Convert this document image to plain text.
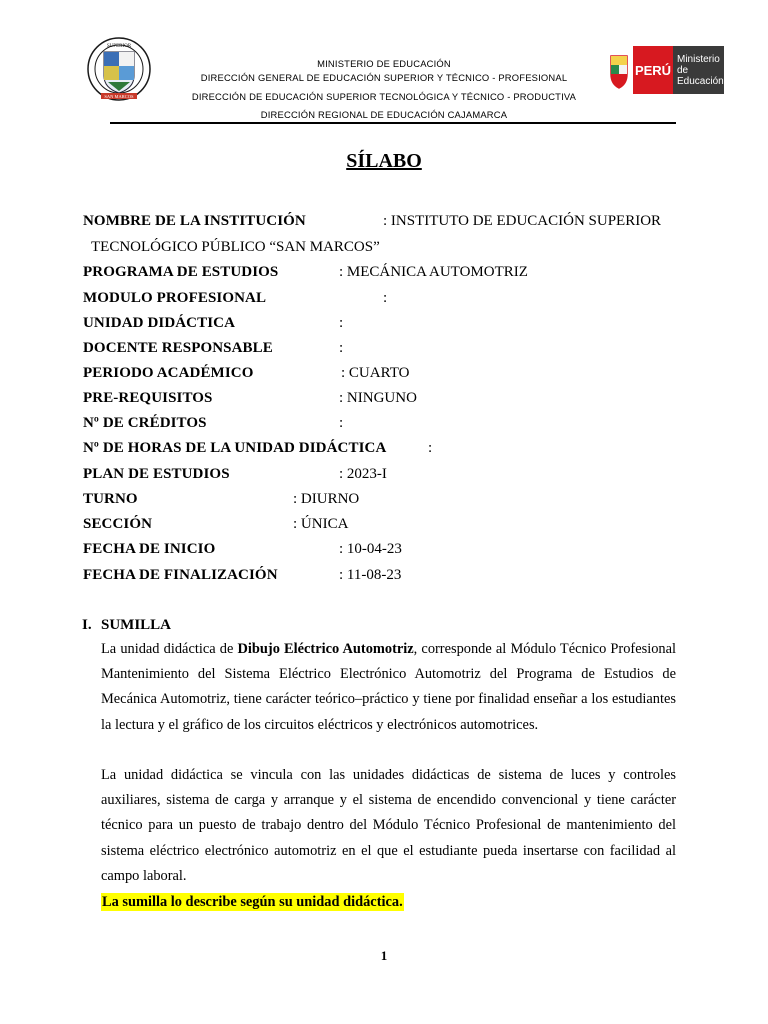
SUPERIOR
SAN MARCOS
MINISTERIO DE EDUCACIÓN
DIRECCIÓN GENERAL DE EDUCACIÓN SUPERIOR Y TÉCNICO - PROFESIONAL
DIRECCIÓN DE EDUCACIÓN SUPERIOR TECNOLÓGICA Y TÉCNICO - PRODUCTIVA
DIRECCIÓN REGIONAL DE EDUCACIÓN CAJAMARCA
PERÚ
Ministerio de Educación
SÍLABO
NOMBRE DE LA INSTITUCIÓN	: INSTITUTO DE EDUCACIÓN SUPERIOR
TECNOLÓGICO PÚBLICO “SAN MARCOS”
PROGRAMA DE ESTUDIOS	: MECÁNICA AUTOMOTRIZ
MODULO PROFESIONAL	:
UNIDAD DIDÁCTICA	:
DOCENTE RESPONSABLE	:
PERIODO ACADÉMICO	: CUARTO
PRE-REQUISITOS	: NINGUNO
Nº DE CRÉDITOS	:
Nº DE HORAS DE LA UNIDAD DIDÁCTICA	:
PLAN DE ESTUDIOS	: 2023-I
TURNO	: DIURNO
SECCIÓN	: ÚNICA
FECHA DE INICIO	: 10-04-23
FECHA DE FINALIZACIÓN	: 11-08-23
I. SUMILLA
La unidad didáctica de Dibujo Eléctrico Automotriz, corresponde al Módulo Técnico Profesional Mantenimiento del Sistema Eléctrico Electrónico Automotriz del Programa de Estudios de Mecánica Automotriz, tiene carácter teórico–práctico y tiene por finalidad enseñar a los estudiantes la lectura y el gráfico de los circuitos eléctricos y electrónicos automotrices.
La unidad didáctica se vincula con las unidades didácticas de sistema de luces y controles auxiliares, sistema de carga y arranque y el sistema de encendido convencional y tiene carácter técnico para un puesto de trabajo dentro del Módulo Técnico Profesional de mantenimiento del sistema eléctrico electrónico automotriz en el que el estudiante pueda insertarse con facilidad al campo laboral.
La sumilla lo describe según su unidad didáctica.
1
